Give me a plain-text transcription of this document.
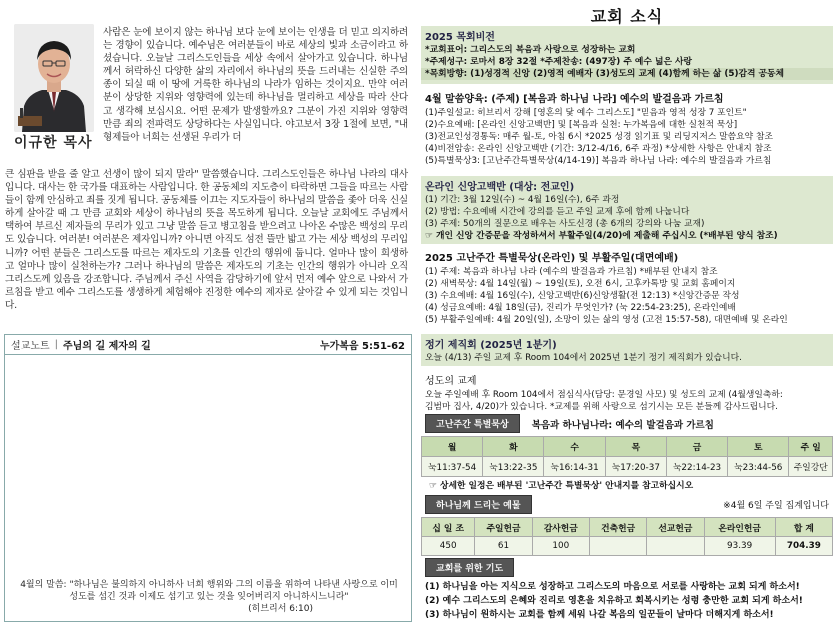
이규한 목사
사람은 눈에 보이지 않는 하나님 보다 눈에 보이는 인생을 더 믿고 의지하려는 경향이 있습니다. 예수님은 여러분들이 바로 세상의 빛과 소금이라고 하셨습니다. 오늘날 그리스도인들을 세상 속에서 살아가고 있습니다. 하나님께서 허락하신 다양한 삶의 자리에서 하나님의 뜻을 드러내는 신실한 주의 종이 되실 때 이 땅에 거룩한 하나님의 나라가 임하는 것이지요. 만약 여러분이 상당한 지위와 영향력에 있는데 하나님을 멀리하고 세상을 따라 산다고 생각해 보십시요. 어떤 문제가 발생할까요? 그분이 가진 지위와 영향력만큼 죄의 전파력도 상당하다는 사실입니다. 야고보서 3장 1절에 보면, "내 형제들아 너희는 선생된 우리가 더
큰 심판을 받을 줄 알고 선생이 많이 되지 말라" 말씀했습니다. 그리스도인들은 하나님 나라의 대사입니다. 대사는 한 국가를 대표하는 사람입니다. 한 공동체의 지도층이 타락하면 그들을 따르는 사람들이 함께 안심하고 죄를 짓게 됩니다. 공동체를 이끄는 지도자들이 하나님의 말씀을 좇아 더욱 신실하게 살아갈 때 그 만큼 교회와 세상이 하나님의 뜻을 목도하게 됩니다. 오늘날 교회에도 주님께서 택하여 부르신 제자들의 무리가 있고 그냥 말씀 듣고 병고침을 받으려고 나아온 수많은 백성의 무리도 있습니다. 여러분! 여러분은 제자입니까? 아니면 아직도 섬전 뜰만 밟고 가는 세상 백성의 무리입니까? 어떤 분들은 그리스도를 따르는 제자도의 기초를 인간의 행위에 둡니다. 얼마나 많이 희생하고 얼마나 많이 실천하는가? 그러나 하나님의 말씀은 제자도의 기초는 인간의 행위가 아니라 오직 그리스도께 있음을 강조합니다. 주님께서 주신 사역을 감당하기에 앞서 먼저 예수 앞으로 나와서 가르침을 받고 예수 그리스도를 생생하게 체험해야 진정한 예수의 제자로 살아갈 수 있게 되는 것입니다.
설교노트 | 주님의 길 제자의 길	누가복음 5:51-62
4월의 말씀: "하나님은 불의하지 아니하사 너희 행위와 그의 이름을 위하여 나타낸 사랑으로 이미 성도를 섬긴 것과 이제도 섬기고 있는 것을 잊어버리지 아니하시느니라"
(히브리서 6:10)
교회 소식
2025 목회비전
*교회표어: 그리스도의 복음과 사랑으로 성장하는 교회
*주제성구: 로마서 8장 32절 *주제찬송: (497장) 주 예수 넓은 사랑
*목회방향: (1)성경적 신앙 (2)영적 예배자 (3)성도의 교제 (4)함께 하는 삶 (5)감격 공동체
4월 말씀양육: (주제) [복음과 하나님 나라] 예수의 발걸음과 가르침
(1)주일설교: 히브리서 강해 [영혼의 닻 예수 그리스도] "믿음과 영적 성장 7 포인트"
(2)수요예배: [온라인 신앙고백반] 및 [복음과 실천: 누가복음에 대한 실천적 묵상]
(3)전교인성경통독: 매주 월-토, 아침 6시 *2025 성경 읽기표 및 리딩지저스 말씀요약 참조
(4)비전암송: 온라인 신앙고백반 (기간: 3/12-4/16, 6주 과정) *상세한 사항은 안내지 참조
(5)특별묵상3: [고난주간특별묵상(4/14-19)] 복음과 하나님 나라: 예수의 발걸음과 가르침
온라인 신앙고백반 (대상: 전교인)
(1) 기간: 3월 12일(수) ~ 4월 16일(수), 6주 과정
(2) 방법: 수요예배 시간에 강의를 듣고 주일 교제 후에 함께 나눕니다
(3) 주제: 50개의 질문으로 배우는 사도신경 (총 6개의 강의와 나눔 교재)
☞ 개인 신앙 간증문을 작성하셔서 부활주일(4/20)에 제출해 주십시오 (*배부된 양식 참조)
2025 고난주간 특별묵상(온라인) 및 부활주일(대면예배)
(1) 주제: 복음과 하나님 나라 (예수의 발걸음과 가르침) *배부된 안내지 참조
(2) 새벽묵상: 4월 14일(월) ~ 19일(토), 오전 6시, 고후카톡방 및 교회 홈페이지
(3) 수요예배: 4월 16일(수), 신앙고백반(6)신앙생활(전 12:13) *신앙간증문 작성
(4) 성금요예배: 4월 18일(금), 진리가 무엇인가? (눅 22:54-23:25), 온라인예배
(5) 부활주일예배: 4월 20일(일), 소망이 있는 삶의 영성 (고전 15:57-58), 대면예배 및 온라인
정기 제직회 (2025년 1분기)
오늘 (4/13) 주일 교제 후 Room 104에서 2025년 1분기 정기 제직회가 있습니다.
성도의 교제
오늘 주일예배 후 Room 104에서 점심식사(담당: 문경일 사모) 및 성도의 교제 (4월생일축하:
김범마 집사, 4/20)가 있습니다. *교제를 위해 사랑으로 섬기시는 모든 분들께 감사드립니다.
고난주간 특별묵상	복음과 하나님나라: 예수의 발걸음과 가르침
월	화	수	목	금	토	주 일
눅11:37-54	눅13:22-35	눅16:14-31	눅17:20-37	눅22:14-23	눅23:44-56	주일강단
☞ 상세한 일정은 배부된 '고난주간 특별묵상' 안내지를 참고하십시오
하나님께 드리는 예물	※4월 6일 주일 집계입니다
십 일 조	주일헌금	감사헌금	건축헌금	선교헌금	온라인헌금	합 계
450	61	100			93.39	704.39
교회를 위한 기도
(1) 하나님을 아는 지식으로 성장하고 그리스도의 마음으로 서로를 사랑하는 교회 되게 하소서!
(2) 예수 그리스도의 은혜와 진리로 영혼을 치유하고 회복시키는 성령 충만한 교회 되게 하소서!
(3) 하나님이 원하시는 교회를 함께 세워 나갈 복음의 일꾼들이 날마다 더해지게 하소서!
